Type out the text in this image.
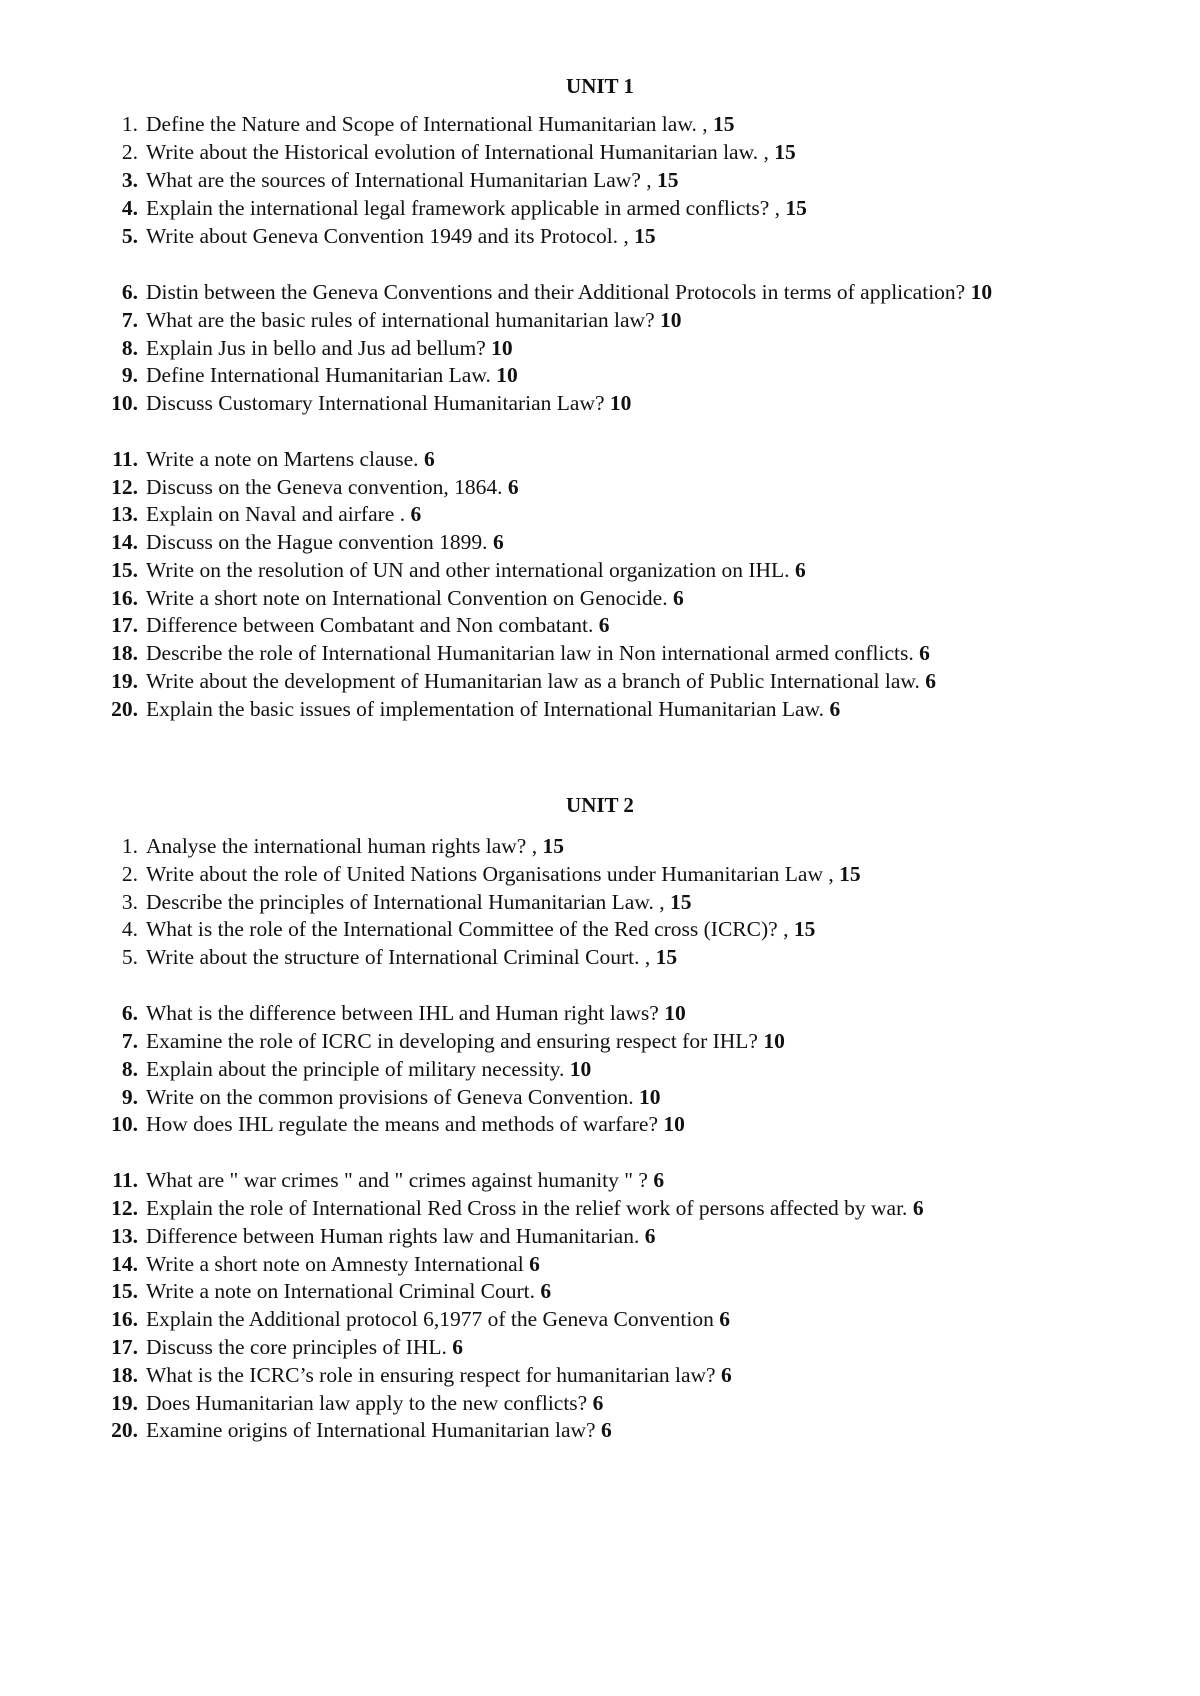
UNIT 1
1. Define the Nature and Scope of International Humanitarian law. , 15
2. Write about the Historical evolution of International Humanitarian law. , 15
3. What are the sources of International Humanitarian Law? , 15
4. Explain the international legal framework applicable in armed conflicts? , 15
5. Write about Geneva Convention 1949 and its Protocol. , 15
6. Distin between the Geneva Conventions and their Additional Protocols in terms of application? 10
7. What are the basic rules of international humanitarian law? 10
8. Explain Jus in bello and Jus ad bellum? 10
9. Define International Humanitarian Law. 10
10. Discuss Customary International Humanitarian Law? 10
11. Write a note on Martens clause. 6
12. Discuss on the Geneva convention, 1864. 6
13. Explain on Naval and airfare . 6
14. Discuss on the Hague convention 1899. 6
15. Write on the resolution of UN and other international organization on IHL. 6
16. Write a short note on International Convention on Genocide. 6
17. Difference between Combatant and Non combatant. 6
18. Describe the role of International Humanitarian law in Non international armed conflicts. 6
19. Write about the development of Humanitarian law as a branch of Public International law. 6
20. Explain the basic issues of implementation of International Humanitarian Law. 6
UNIT 2
1. Analyse the international human rights law? , 15
2. Write about the role of United Nations Organisations under Humanitarian Law , 15
3. Describe the principles of International Humanitarian Law. , 15
4. What is the role of the International Committee of the Red cross (ICRC)? , 15
5. Write about the structure of International Criminal Court. , 15
6. What is the difference between IHL and Human right laws? 10
7. Examine the role of ICRC in developing and ensuring respect for IHL? 10
8. Explain about the principle of military necessity. 10
9. Write on the common provisions of Geneva Convention. 10
10. How does IHL regulate the means and methods of warfare? 10
11. What are " war crimes " and " crimes against humanity " ? 6
12. Explain the role of International Red Cross in the relief work of persons affected by war. 6
13. Difference between Human rights law and Humanitarian. 6
14. Write a short note on Amnesty International 6
15. Write a note on International Criminal Court. 6
16. Explain the Additional protocol 6,1977 of the Geneva Convention 6
17. Discuss the core principles of IHL. 6
18. What is the ICRC’s role in ensuring respect for humanitarian law? 6
19. Does Humanitarian law apply to the new conflicts? 6
20. Examine origins of International Humanitarian law? 6
